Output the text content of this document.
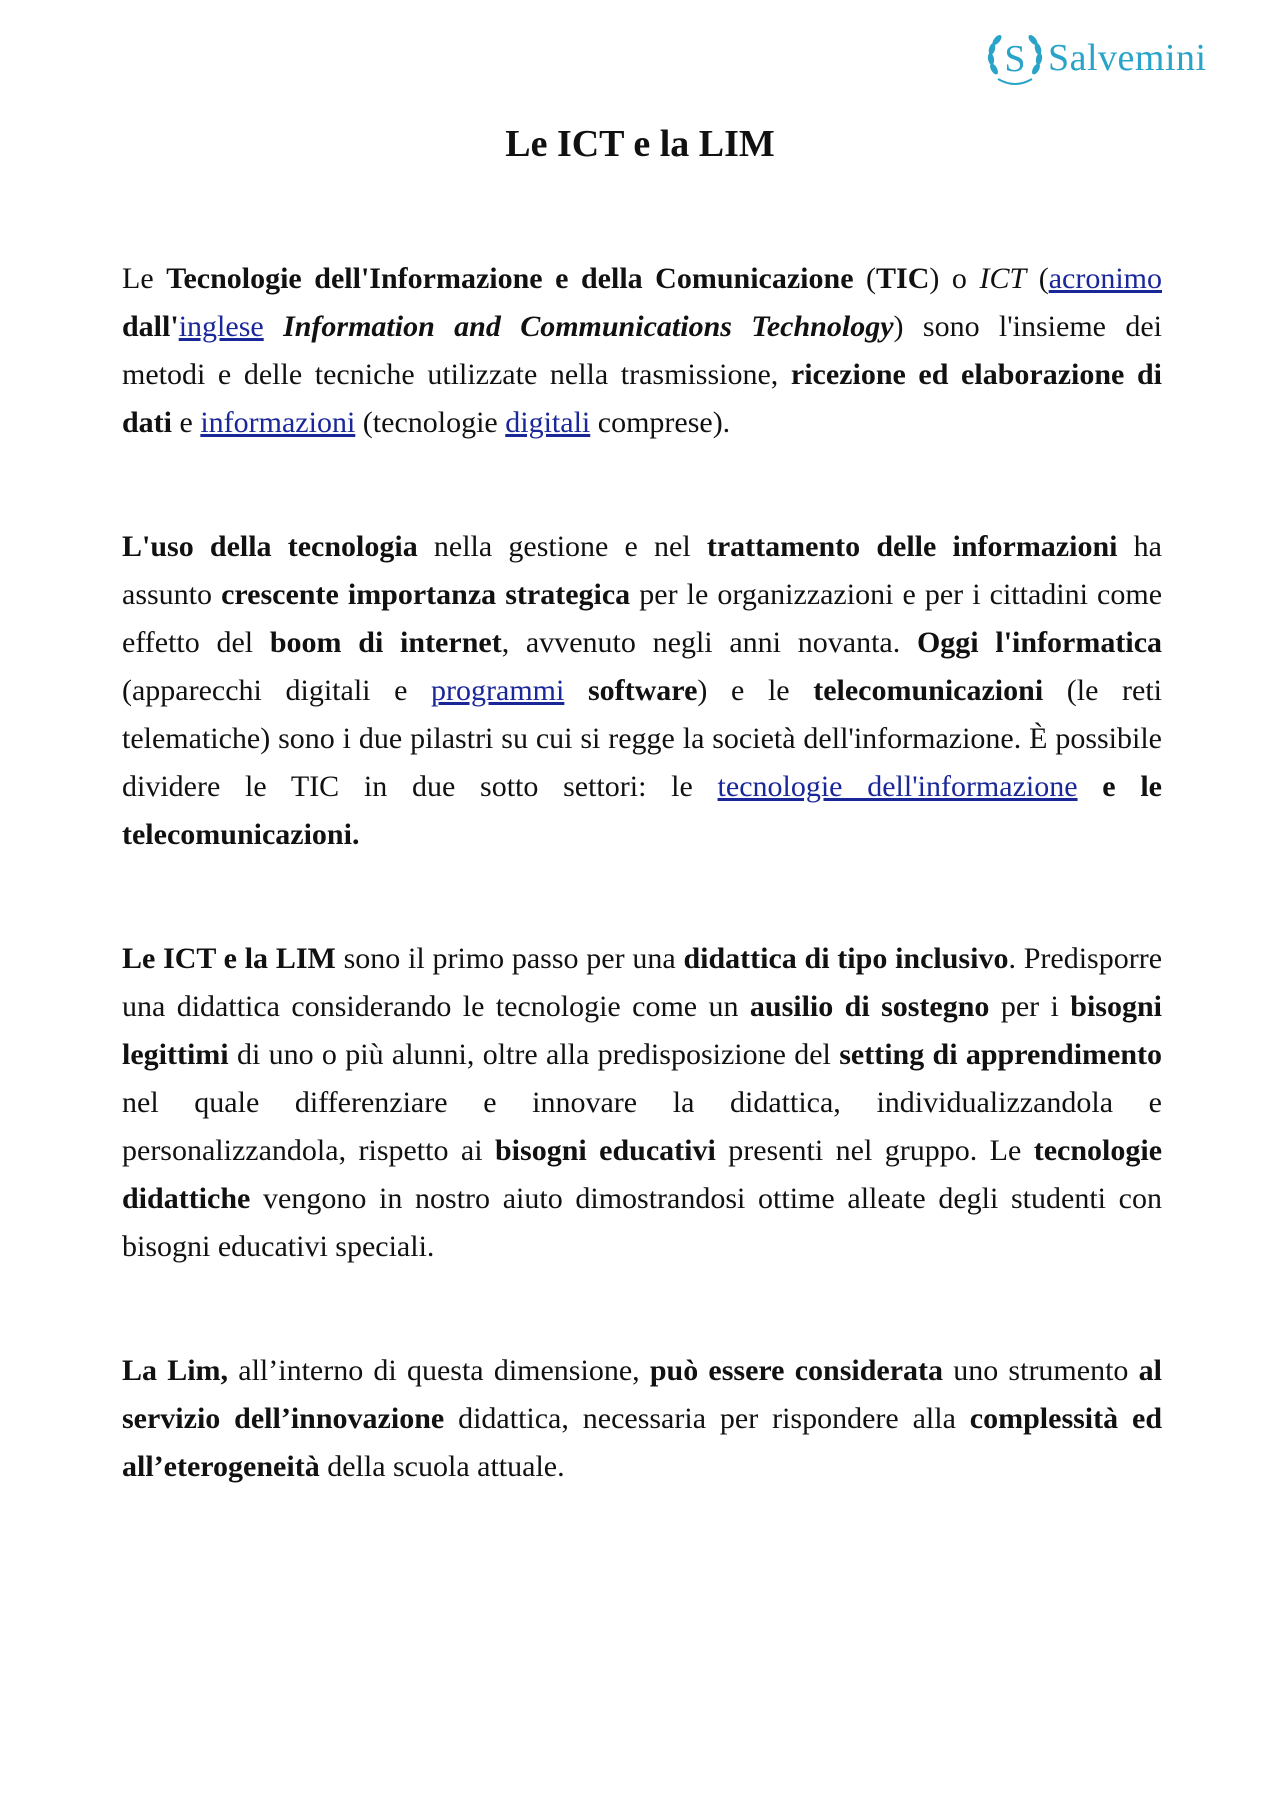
S Salvemini
Le ICT e la LIM

Le Tecnologie dell'Informazione e della Comunicazione (TIC) o ICT (acronimo dall'inglese Information and Communications Technology) sono l'insieme dei metodi e delle tecniche utilizzate nella trasmissione, ricezione ed elaborazione di dati e informazioni (tecnologie digitali comprese).

L'uso della tecnologia nella gestione e nel trattamento delle informazioni ha assunto crescente importanza strategica per le organizzazioni e per i cittadini come effetto del boom di internet, avvenuto negli anni novanta. Oggi l'informatica (apparecchi digitali e programmi software) e le telecomunicazioni (le reti telematiche) sono i due pilastri su cui si regge la società dell'informazione. È possibile dividere le TIC in due sotto settori: le tecnologie dell'informazione e le telecomunicazioni.

Le ICT e la LIM sono il primo passo per una didattica di tipo inclusivo. Predisporre una didattica considerando le tecnologie come un ausilio di sostegno per i bisogni legittimi di uno o più alunni, oltre alla predisposizione del setting di apprendimento nel quale differenziare e innovare la didattica, individualizzandola e personalizzandola, rispetto ai bisogni educativi presenti nel gruppo. Le tecnologie didattiche vengono in nostro aiuto dimostrandosi ottime alleate degli studenti con bisogni educativi speciali.

La Lim, all’interno di questa dimensione, può essere considerata uno strumento al servizio dell’innovazione didattica, necessaria per rispondere alla complessità ed all’eterogeneità della scuola attuale.
